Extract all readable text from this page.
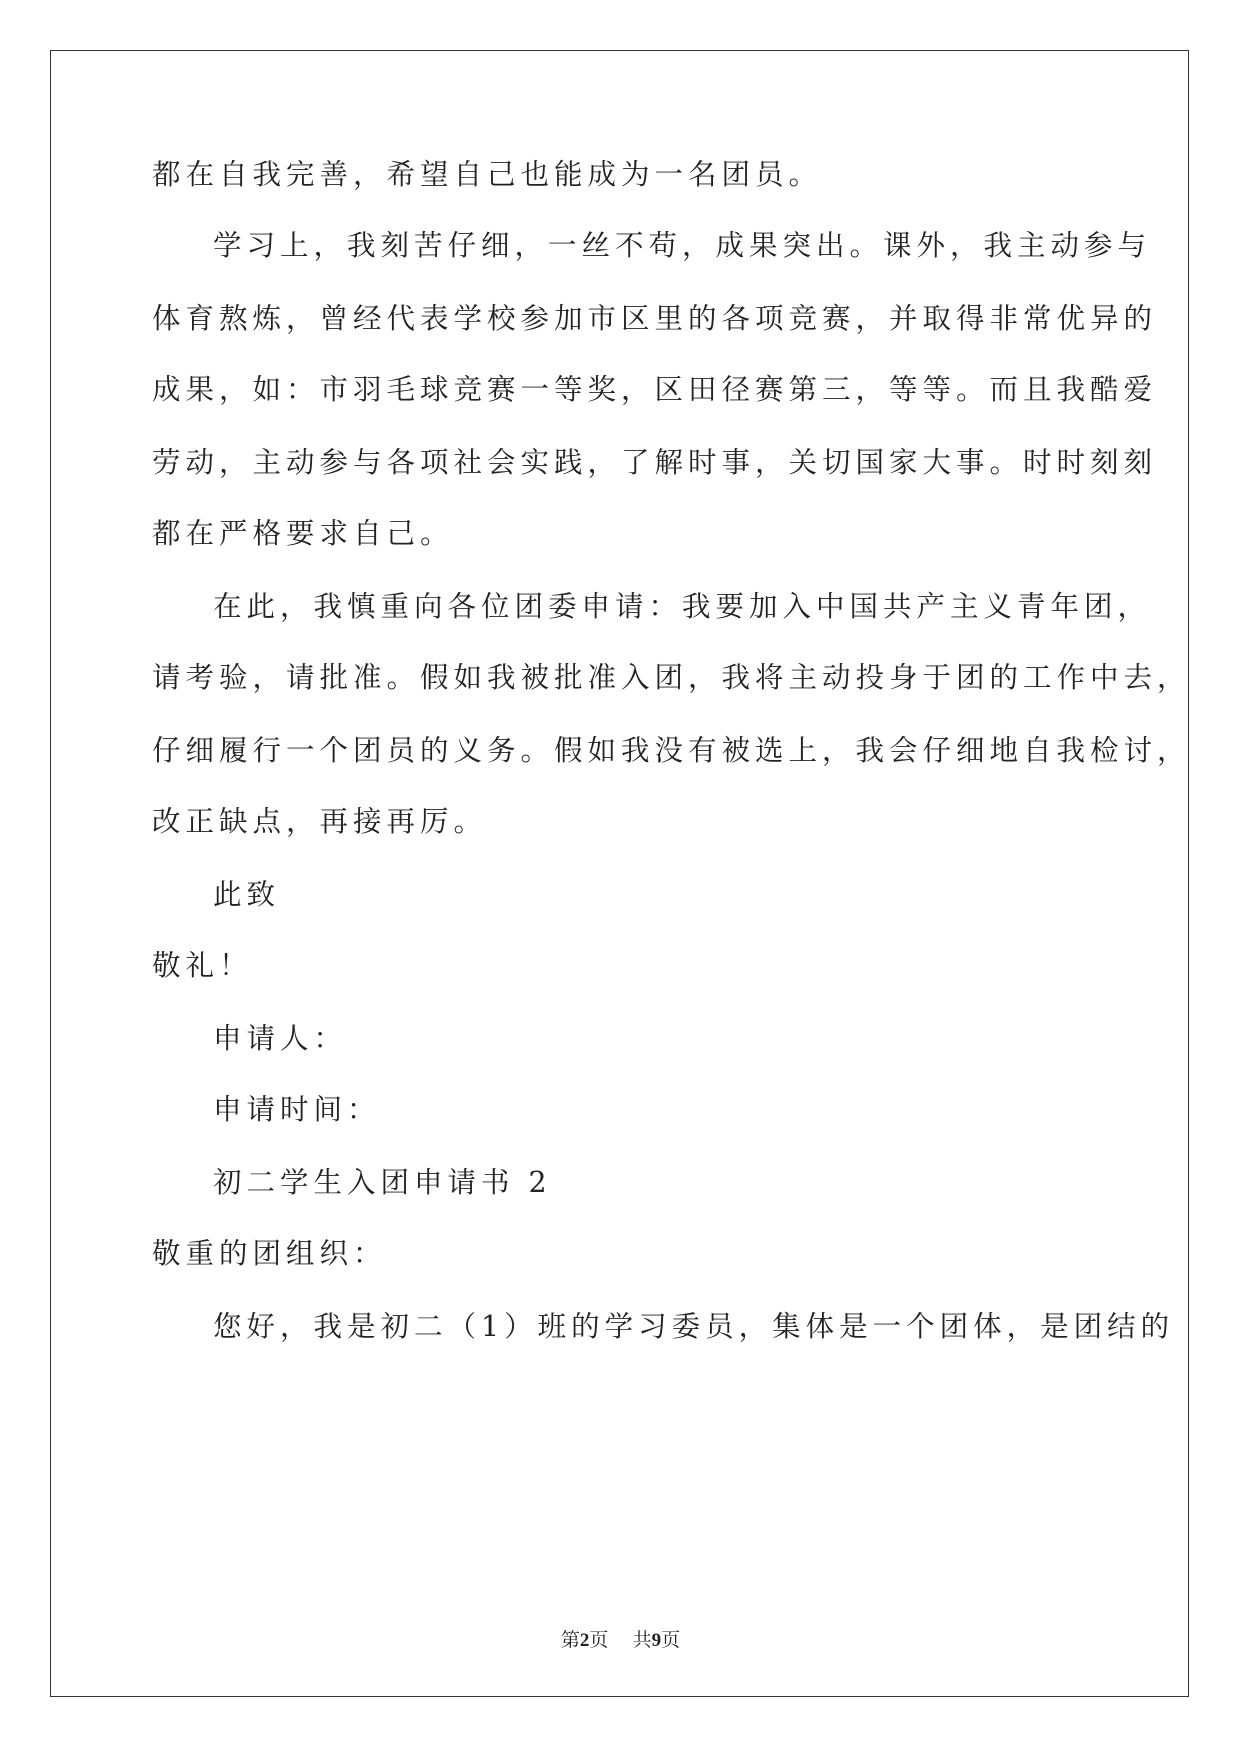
都在自我完善，希望自己也能成为一名团员。
学习上，我刻苦仔细，一丝不苟，成果突出。课外，我主动参与
体育熬炼，曾经代表学校参加市区里的各项竞赛，并取得非常优异的
成果，如：市羽毛球竞赛一等奖，区田径赛第三，等等。而且我酷爱
劳动，主动参与各项社会实践，了解时事，关切国家大事。时时刻刻
都在严格要求自己。
在此，我慎重向各位团委申请：我要加入中国共产主义青年团，
请考验，请批准。假如我被批准入团，我将主动投身于团的工作中去，
仔细履行一个团员的义务。假如我没有被选上，我会仔细地自我检讨，
改正缺点，再接再厉。
此致
敬礼！
申请人：
申请时间：
初二学生入团申请书 2
敬重的团组织：
您好，我是初二（1）班的学习委员，集体是一个团体，是团结的
第2页    共9页
